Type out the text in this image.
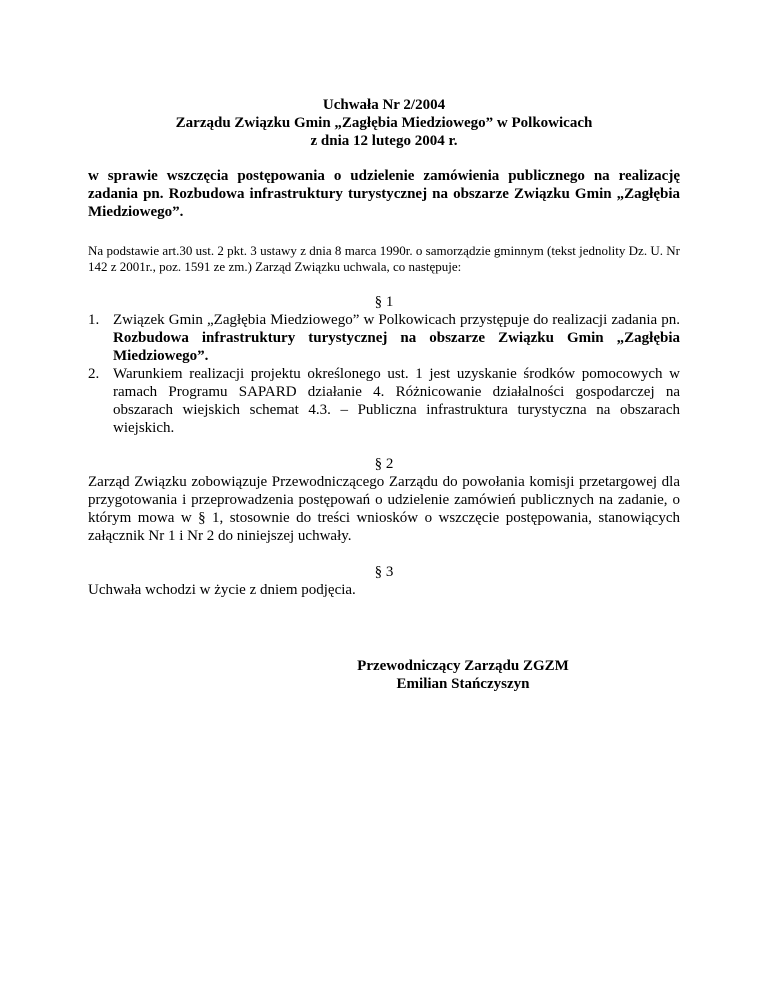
Uchwała Nr 2/2004
Zarządu Związku Gmin „Zagłębia Miedziowego” w Polkowicach
z dnia 12 lutego 2004 r.
w sprawie wszczęcia postępowania o udzielenie zamówienia publicznego na realizację zadania pn. Rozbudowa infrastruktury turystycznej na obszarze Związku Gmin „Zagłębia Miedziowego”.
Na podstawie art.30 ust. 2 pkt. 3 ustawy z dnia 8 marca 1990r. o samorządzie gminnym (tekst jednolity Dz. U. Nr 142 z 2001r., poz. 1591 ze zm.) Zarząd Związku uchwala, co następuje:
§ 1
1. Związek Gmin „Zagłębia Miedziowego” w Polkowicach przystępuje do realizacji zadania pn. Rozbudowa infrastruktury turystycznej na obszarze Związku Gmin „Zagłębia Miedziowego”.
2. Warunkiem realizacji projektu określonego ust. 1 jest uzyskanie środków pomocowych w ramach Programu SAPARD działanie 4. Różnicowanie działalności gospodarczej na obszarach wiejskich schemat 4.3. – Publiczna infrastruktura turystyczna na obszarach wiejskich.
§ 2
Zarząd Związku zobowiązuje Przewodniczącego Zarządu do powołania komisji przetargowej dla przygotowania i przeprowadzenia postępowań o udzielenie zamówień publicznych na zadanie, o którym mowa w § 1, stosownie do treści wniosków o wszczęcie postępowania, stanowiących załącznik Nr 1 i Nr 2 do niniejszej uchwały.
§ 3
Uchwała wchodzi w życie z dniem podjęcia.
Przewodniczący Zarządu ZGZM
Emilian Stańczyszyn
